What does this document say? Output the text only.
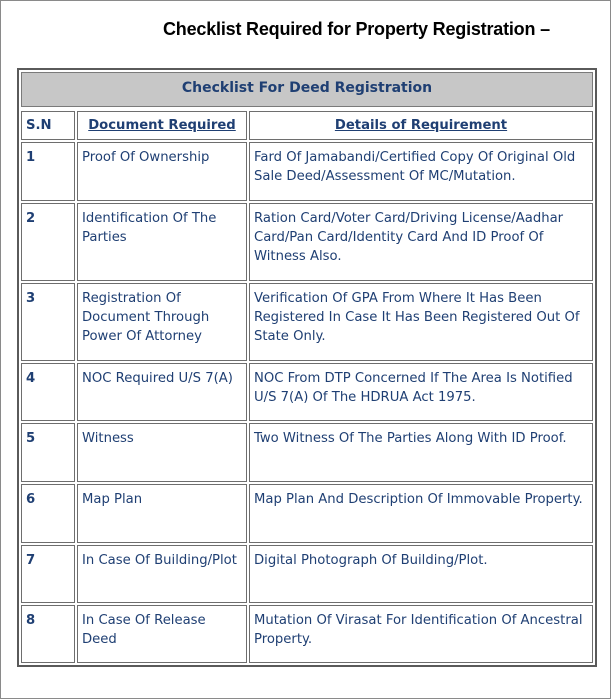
Checklist Required for Property Registration –
Checklist For Deed Registration
S.N	Document Required	Details of Requirement
1	Proof Of Ownership	Fard Of Jamabandi/Certified Copy Of Original Old Sale Deed/Assessment Of MC/Mutation.
2	Identification Of The Parties	Ration Card/Voter Card/Driving License/Aadhar Card/Pan Card/Identity Card And ID Proof Of Witness Also.
3	Registration Of Document Through Power Of Attorney	Verification Of GPA From Where It Has Been Registered In Case It Has Been Registered Out Of State Only.
4	NOC Required U/S 7(A)	NOC From DTP Concerned If The Area Is Notified U/S 7(A) Of The HDRUA Act 1975.
5	Witness	Two Witness Of The Parties Along With ID Proof.
6	Map Plan	Map Plan And Description Of Immovable Property.
7	In Case Of Building/Plot	Digital Photograph Of Building/Plot.
8	In Case Of Release Deed	Mutation Of Virasat For Identification Of Ancestral Property.
